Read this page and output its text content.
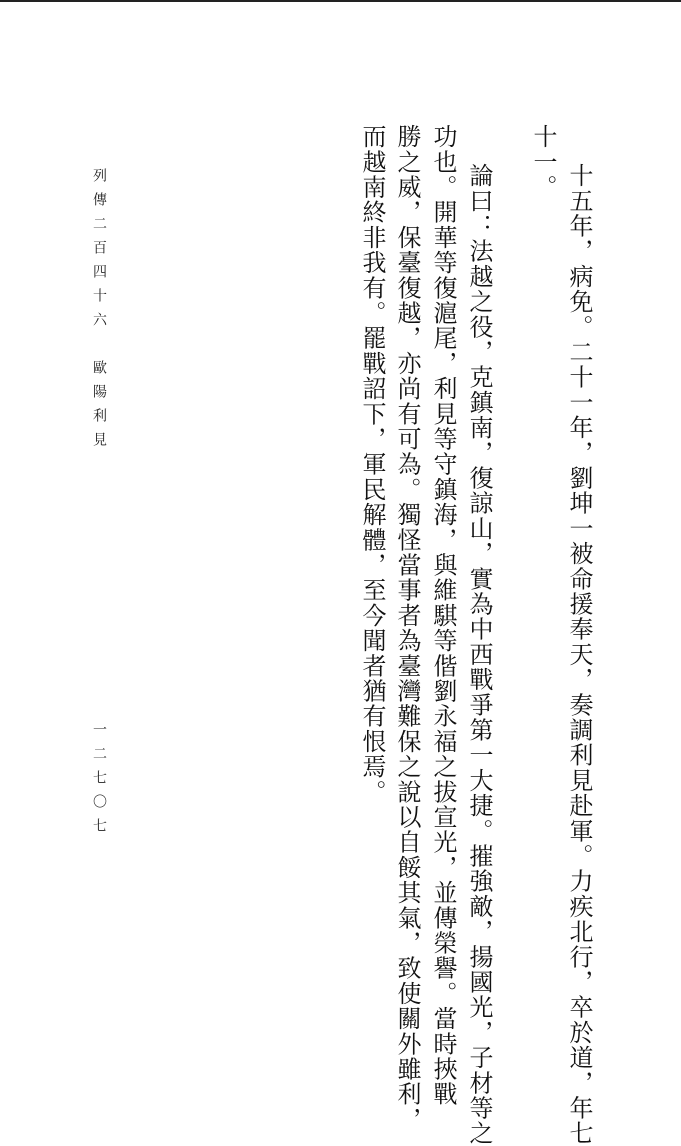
十五年，病免。二十一年，劉坤一被命援奉天，奏調利見赴軍。力疾北行，卒於道，年七
十一。
論曰：法越之役，克鎮南，復諒山，實為中西戰爭第一大捷。摧強敵，揚國光，子材等之
功也。開華等復滬尾，利見等守鎮海，與維騏等偕劉永福之拔宣光，並傳榮譽。當時挾戰
勝之威，保臺復越，亦尚有可為。獨怪當事者為臺灣難保之說以自餒其氣，致使關外雖利，
而越南終非我有。罷戰詔下，軍民解體，至今聞者猶有恨焉。
列傳二百四十六
歐陽利見
一二七〇七
